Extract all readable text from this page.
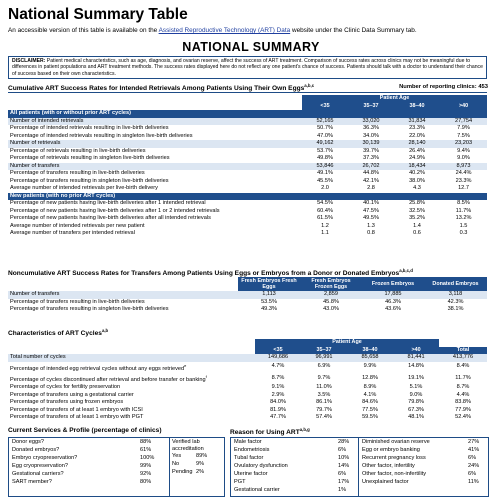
National Summary Table
An accessible version of this table is available on the Assisted Reproductive Technology (ART) Data website under the Clinic Data Summary tab.
NATIONAL SUMMARY
DISCLAIMER: Patient medical characteristics, such as age, diagnosis, and ovarian reserve, affect the success of ART treatment. Comparison of success rates across clinics may not be meaningful due to differences in patient populations and ART treatment methods. The success rates displayed here do not reflect any one patient's chance of success. Patients should talk with a doctor to understand their chance of success based on their own characteristics.
Cumulative ART Success Rates for Intended Retrievals Among Patients Using Their Own Eggs$^{a,b,c}$	Number of reporting clinics: 453
	Patient Age			
	<35	35–37	38–40	>40
All patients (with or without prior ART cycles)				
Number of intended retrievals	52,165	33,020	31,834	27,754
Percentage of intended retrievals resulting in live-birth deliveries	50.7%	36.3%	23.3%	7.9%
Percentage of intended retrievals resulting in singleton live-birth deliveries	47.0%	34.0%	22.0%	7.5%
Number of retrievals	49,162	30,139	28,140	23,203
Percentage of retrievals resulting in live-birth deliveries	53.7%	39.7%	26.4%	9.4%
Percentage of retrievals resulting in singleton live-birth deliveries	49.8%	37.3%	24.9%	9.0%
Number of transfers	53,846	26,702	18,434	8,973
Percentage of transfers resulting in live-birth deliveries	49.1%	44.8%	40.2%	24.4%
Percentage of transfers resulting in singleton live-birth deliveries	45.5%	42.1%	38.0%	23.3%
Average number of intended retrievals per live-birth delivery	2.0	2.8	4.3	12.7
New patients (with no prior ART cycles)				
Percentage of new patients having live-birth deliveries after 1 intended retrieval	54.5%	40.1%	25.8%	8.5%
Percentage of new patients having live-birth deliveries after 1 or 2 intended retrievals	60.4%	47.5%	32.5%	11.7%
Percentage of new patients having live-birth deliveries after all intended retrievals	61.5%	49.5%	35.2%	13.2%
Average number of intended retrievals per new patient	1.2	1.3	1.4	1.5
Average number of transfers per intended retrieval	1.1	0.8	0.6	0.3
Noncumulative ART Success Rates for Transfers Among Patients Using Eggs or Embryos from a Donor or Donated Embryos$^{a,b,c,d}$
	Fresh Embryos Fresh Eggs	Fresh Embryos Frozen Eggs	Frozen Embryos	Donated Embryos
Number of transfers	1,113	2,859	17,885	3,118
Percentage of transfers resulting in live-birth deliveries	53.5%	45.8%	46.3%	42.3%
Percentage of transfers resulting in singleton live-birth deliveries	49.3%	43.0%	43.6%	38.1%
Characteristics of ART Cycles$^{a,b}$
	Patient Age				
	<35	35–37	38–40	>40	Total
Total number of cycles	149,686	96,991	85,658	81,441	413,776
Percentage of intended egg retrieval cycles without any eggs retrieved$^e$	4.7%	6.9%	9.9%	14.8%	8.4%
Percentage of cycles discontinued after retrieval and before transfer or banking$^f$	8.7%	9.7%	12.8%	19.1%	11.7%
Percentage of cycles for fertility preservation	9.1%	11.0%	8.9%	5.1%	8.7%
Percentage of transfers using a gestational carrier	2.9%	3.5%	4.1%	9.0%	4.4%
Percentage of transfers using frozen embryos	84.0%	86.1%	84.6%	79.8%	83.8%
Percentage of transfers of at least 1 embryo with ICSI	81.9%	79.7%	77.5%	67.3%	77.9%
Percentage of transfers of at least 1 embryo with PGT	47.7%	57.4%	59.5%	48.1%	52.4%
Current Services & Profile (percentage of clinics)
Donor eggs?	88%
Donated embryos?	61%
Embryo cryopreservation?	100%
Egg cryopreservation?	99%
Gestational carriers?	92%
SART member?	80%
Verified lab accreditation
Yes	89%
No	9%
Pending 2%
Reason for Using ART$^{a,b,g}$
Male factor	28%
Endometriosis	6%
Tubal factor	10%
Ovulatory dysfunction	14%
Uterine factor	6%
PGT	17%
Gestational carrier	1%
Diminished ovarian reserve	27%
Egg or embryo banking	41%
Recurrent pregnancy loss	6%
Other factor, infertility	24%
Other factor, non-infertility	6%
Unexplained factor	11%
